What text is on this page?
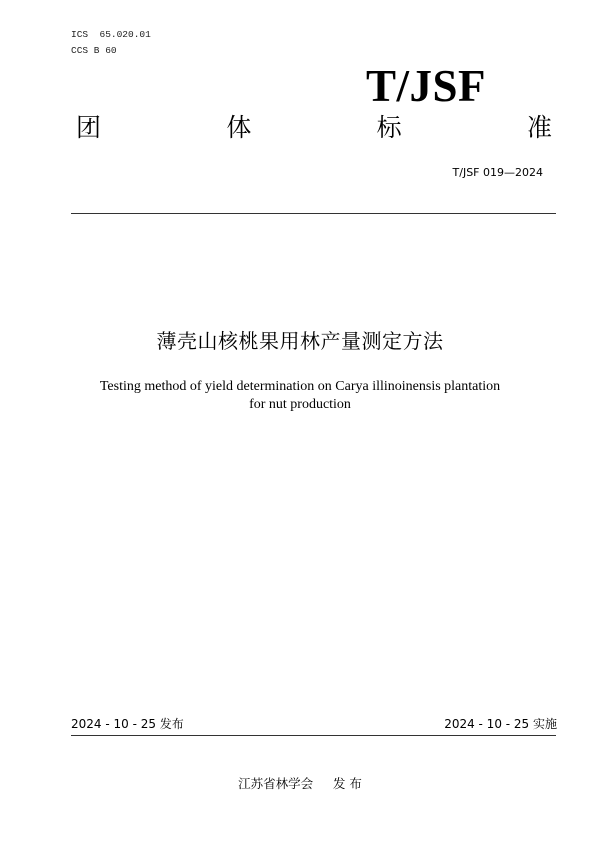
ICS  65.020.01
CCS B 60
T/JSF
团	体	标	准
T/JSF 019—2024
薄壳山核桃果用林产量测定方法
Testing method of yield determination on Carya illinoinensis plantation
for nut production
2024 - 10 - 25 发布	2024 - 10 - 25 实施
江苏省林学会     发 布
